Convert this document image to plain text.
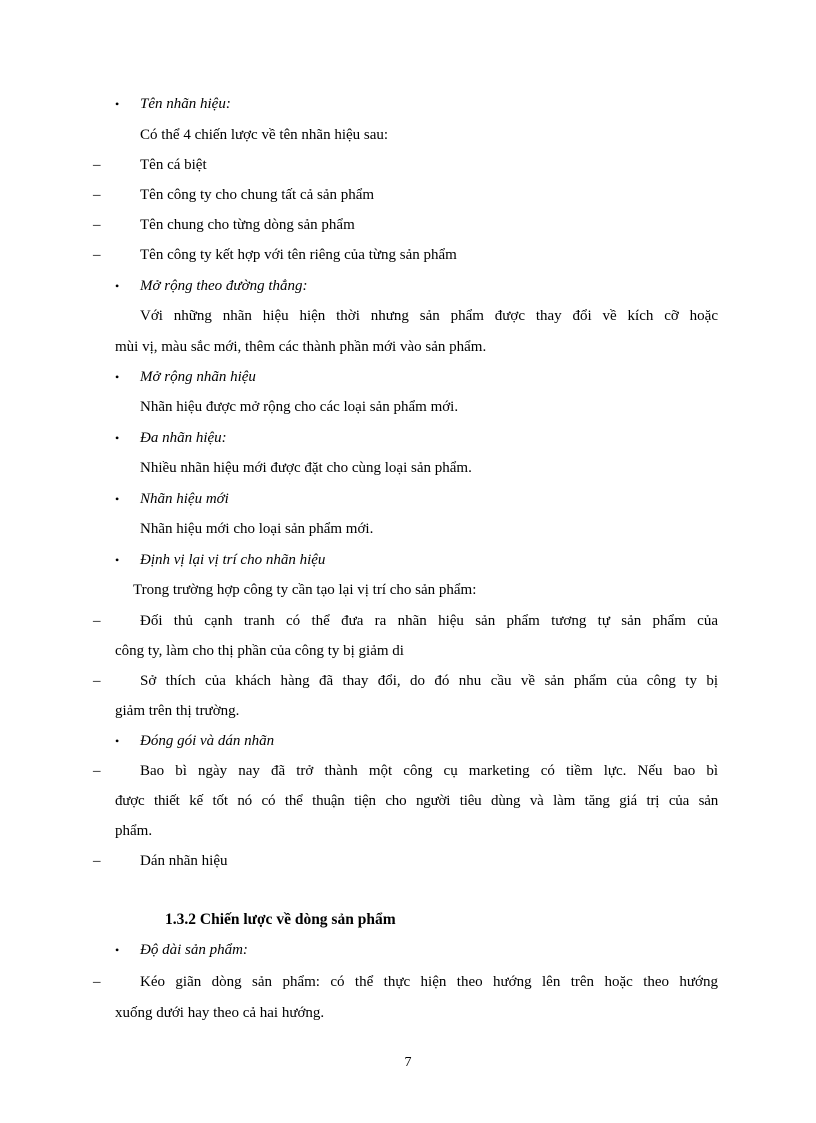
• Tên nhãn hiệu:
Có thể 4 chiến lược về tên nhãn hiệu sau:
–	Tên cá biệt
–	Tên công ty cho chung tất cả sản phẩm
–	Tên chung cho từng dòng sản phẩm
–	Tên công ty kết hợp với tên riêng của từng sản phẩm
• Mở rộng theo đường thẳng:
Với những nhãn hiệu hiện thời nhưng sản phẩm được thay đổi về kích cỡ hoặc
mùi vị, màu sắc mới, thêm các thành phần mới vào sản phẩm.
• Mở rộng nhãn hiệu
Nhãn hiệu được mở rộng cho các loại sản phẩm mới.
• Đa nhãn hiệu:
Nhiều nhãn hiệu mới được đặt cho cùng loại sản phẩm.
• Nhãn hiệu mới
Nhãn hiệu mới cho loại sản phẩm mới.
• Định vị lại vị trí cho nhãn hiệu
Trong trường hợp công ty cần tạo lại vị trí cho sản phẩm:
–	Đối thủ cạnh tranh có thể đưa ra nhãn hiệu sản phẩm tương tự sản phẩm của
công ty, làm cho thị phần của công ty bị giảm di
–	Sở thích của khách hàng đã thay đổi, do đó nhu cầu về sản phẩm của công ty bị
giảm trên thị trường.
• Đóng gói và dán nhãn
–	Bao bì ngày nay đã trở thành một công cụ marketing có tiềm lực. Nếu bao bì
được thiết kế tốt nó có thể thuận tiện cho người tiêu dùng và làm tăng giá trị của sản
phẩm.
–	Dán nhãn hiệu
1.3.2 Chiến lược về dòng sản phẩm
• Độ dài sản phẩm:
–	Kéo giãn dòng sản phẩm: có thể thực hiện theo hướng lên trên hoặc theo hướng
xuống dưới hay theo cả hai hướng.
7
